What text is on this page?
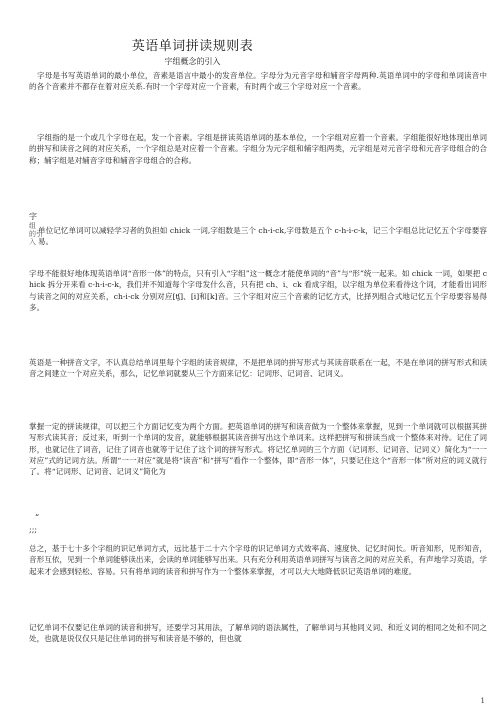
英语单词拼读规则表
字组概念的引入
字母是书写英语单词的最小单位，音素是语言中最小的发音单位。字母分为元音字母和辅音字母两种.英语单词中的字母和单词读音中的各个音素并不都存在着对应关系.有时一个字母对应一个音素，有时两个或三个字母对应一个音素。
字组指的是一个或几个字母在起，发一个音素。字组是拼读英语单词的基本单位，一个字组对应着一个音素。字组能很好地体现出单词的拼写和读音之间的对应关系，一个字组总是对应着一个音素。字组分为元字组和辅字组两类，元字组是对元音字母和元音字母组合的合称；辅字组是对辅音字母和辅音字母组合的合称。
字
组
的引
入
单位记忆单词可以减轻学习者的负担如 chick 一词,字组数是三个 ch-i-ck,字母数是五个 c-h-i-c-k，记三个字组总比记忆五个字母要容易。
字母不能很好地体现英语单词“音形一体”的特点，只有引入“字组”这一概念才能使单词的“音”与“形”统一起来。如 chick 一词，如果把 chick 拆分开来看 c-h-i-c-k，我们并不知道每个字母发什么音，只有把 ch、i、ck 看成字组，以字组为单位来看待这个词，才能看出词形与读音之间的对应关系，ch-i-ck 分别对应[ʧ]、[i]和[k]音。三个字组对应三个音素的记忆方式，比择列组合式地记忆五个字母要容易得多。
英语是一种拼音文字，不认真总结单词里每个字组的读音规律，不是把单词的拼写形式与其读音联系在一起，不是在单词的拼写形式和读音之间建立一个对应关系，那么，记忆单词就要从三个方面来记忆：记词形、记词音、记词义。
掌握一定的拼读规律，可以把三个方面记忆变为两个方面。把英语单词的拼写和读音做为一个整体来掌握，见到一个单词就可以根据其拼写形式读其音；反过来，听到一个单词的发音，就能够根据其读音拼写出这个单词来。这样把拼写和拼读当成一个整体来对待。记住了词形，也就记住了词音，记住了词音也就等于记住了这个词的拼写形式。将记忆单词的三个方面（记词形、记词音、记词义）简化为“一一对应”式的记词方法。所谓“一一对应”就是将“读音”和“拼写”看作一个整体，即“音形一体”，只要记住这个“音形一体”所对应的词义就行了。将“记词形、记词音、记词义”简化为
“
;;;
总之，基于七十多个字组的识记单词方式，远比基于二十六个字母的识记单词方式效率高、速度快、记忆时间长。听音知形，见形知音，音形互依，见到一个单词能够读出来，会读的单词能够写出来。只有充分利用英语单词拼写与读音之间的对应关系，有声地学习英语，学起来才会感到轻松、容易。只有将单词的读音和拼写作为一个整体来掌握，才可以大大地降低识记英语单词的难度。
记忆单词不仅要记住单词的读音和拼写，还要学习其用法，了解单词的语法属性，了解单词与其他同义词、和近义词的相同之处和不同之处，也就是说仅仅只是记住单词的拼写和读音是不够的，但也就
1
